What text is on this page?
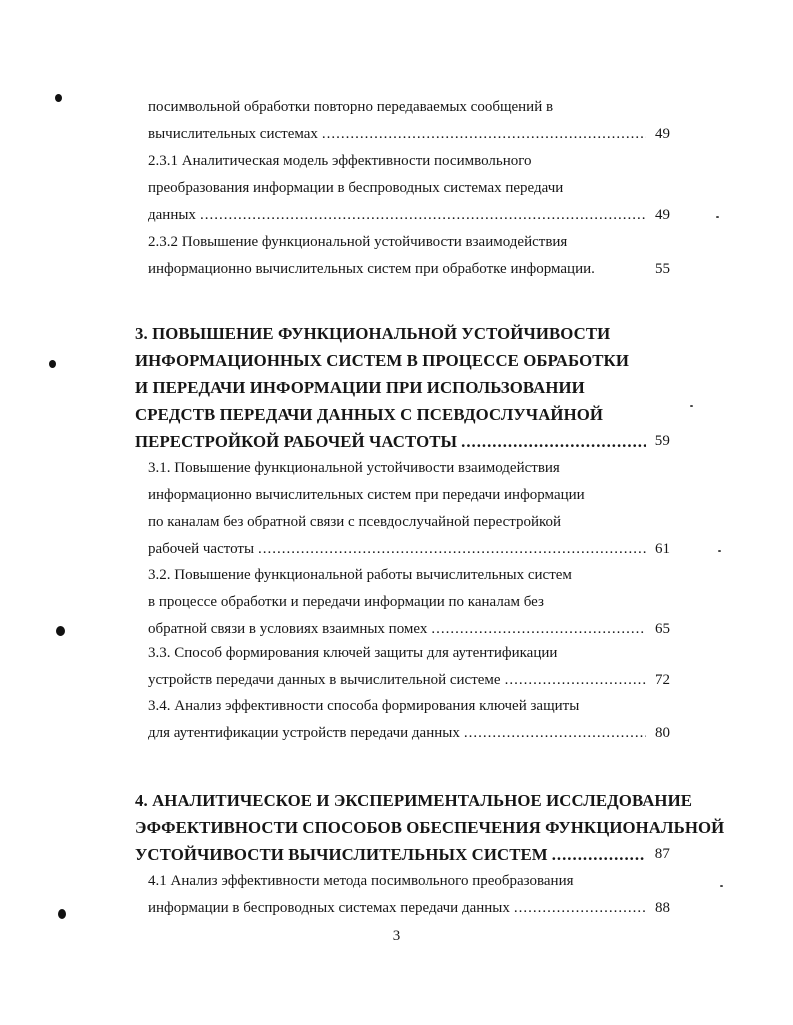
посимвольной обработки повторно передаваемых сообщений в
вычислительных системах .....	49
2.3.1 Аналитическая модель эффективности посимвольного
преобразования информации в беспроводных системах передачи
данных .....	49
2.3.2 Повышение функциональной устойчивости взаимодействия
информационно вычислительных систем при обработке информации.	55
3. ПОВЫШЕНИЕ ФУНКЦИОНАЛЬНОЙ УСТОЙЧИВОСТИ
ИНФОРМАЦИОННЫХ СИСТЕМ В ПРОЦЕССЕ ОБРАБОТКИ
И ПЕРЕДАЧИ ИНФОРМАЦИИ ПРИ ИСПОЛЬЗОВАНИИ
СРЕДСТВ ПЕРЕДАЧИ ДАННЫХ С ПСЕВДОСЛУЧАЙНОЙ
ПЕРЕСТРОЙКОЙ РАБОЧЕЙ ЧАСТОТЫ .....	59
3.1. Повышение функциональной устойчивости взаимодействия
информационно вычислительных систем при передачи информации
по каналам без обратной связи с псевдослучайной перестройкой
рабочей частоты .....	61
3.2. Повышение функциональной работы вычислительных систем
в процессе обработки и передачи информации по каналам без
обратной связи в условиях взаимных помех .....	65
3.3. Способ формирования ключей защиты для аутентификации
устройств передачи данных в вычислительной системе .....	72
3.4. Анализ эффективности способа формирования ключей защиты
для аутентификации устройств передачи данных .....	80
4. АНАЛИТИЧЕСКОЕ И ЭКСПЕРИМЕНТАЛЬНОЕ ИССЛЕДОВАНИЕ
ЭФФЕКТИВНОСТИ СПОСОБОВ ОБЕСПЕЧЕНИЯ ФУНКЦИОНАЛЬНОЙ
УСТОЙЧИВОСТИ ВЫЧИСЛИТЕЛЬНЫХ СИСТЕМ .....	87
4.1 Анализ эффективности метода посимвольного преобразования
информации в беспроводных системах передачи данных .....	88
3
